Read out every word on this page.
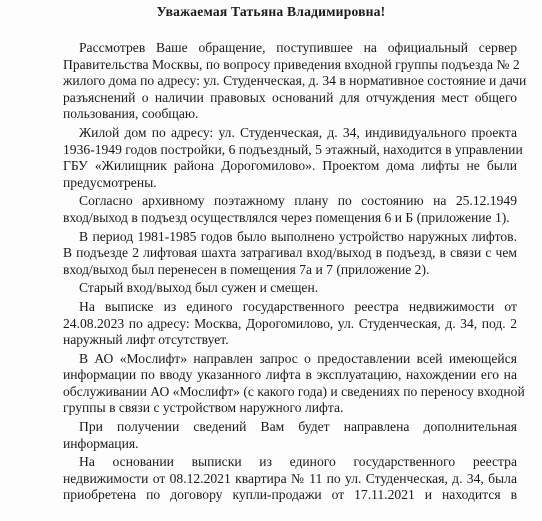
Уважаемая Татьяна Владимировна!
Рассмотрев Ваше обращение, поступившее на официальный сервер
Правительства Москвы, по вопросу приведения входной группы подъезда № 2
жилого дома по адресу: ул. Студенческая, д. 34 в нормативное состояние и дачи
разъяснений о наличии правовых оснований для отчуждения мест общего
пользования, сообщаю.
Жилой дом по адресу: ул. Студенческая, д. 34, индивидуального проекта
1936-1949 годов постройки, 6 подъездный, 5 этажный, находится в управлении
ГБУ «Жилищник района Дорогомилово». Проектом дома лифты не были
предусмотрены.
Согласно архивному поэтажному плану по состоянию на 25.12.1949
вход/выход в подъезд осуществлялся через помещения 6 и Б (приложение 1).
В период 1981-1985 годов было выполнено устройство наружных лифтов.
В подъезде 2 лифтовая шахта затрагивал вход/выход в подъезд, в связи с чем
вход/выход был перенесен в помещения 7а и 7 (приложение 2).
Старый вход/выход был сужен и смещен.
На выписке из единого государственного реестра недвижимости от
24.08.2023 по адресу: Москва, Дорогомилово, ул. Студенческая, д. 34, под. 2
наружный лифт отсутствует.
В АО «Мослифт» направлен запрос о предоставлении всей имеющейся
информации по вводу указанного лифта в эксплуатацию, нахождении его на
обслуживании АО «Мослифт» (с какого года) и сведениях по переносу входной
группы в связи с устройством наружного лифта.
При получении сведений Вам будет направлена дополнительная
информация.
На основании выписки из единого государственного реестра
недвижимости от 08.12.2021 квартира № 11 по ул. Студенческая, д. 34, была
приобретена по договору купли-продажи от 17.11.2021 и находится в
